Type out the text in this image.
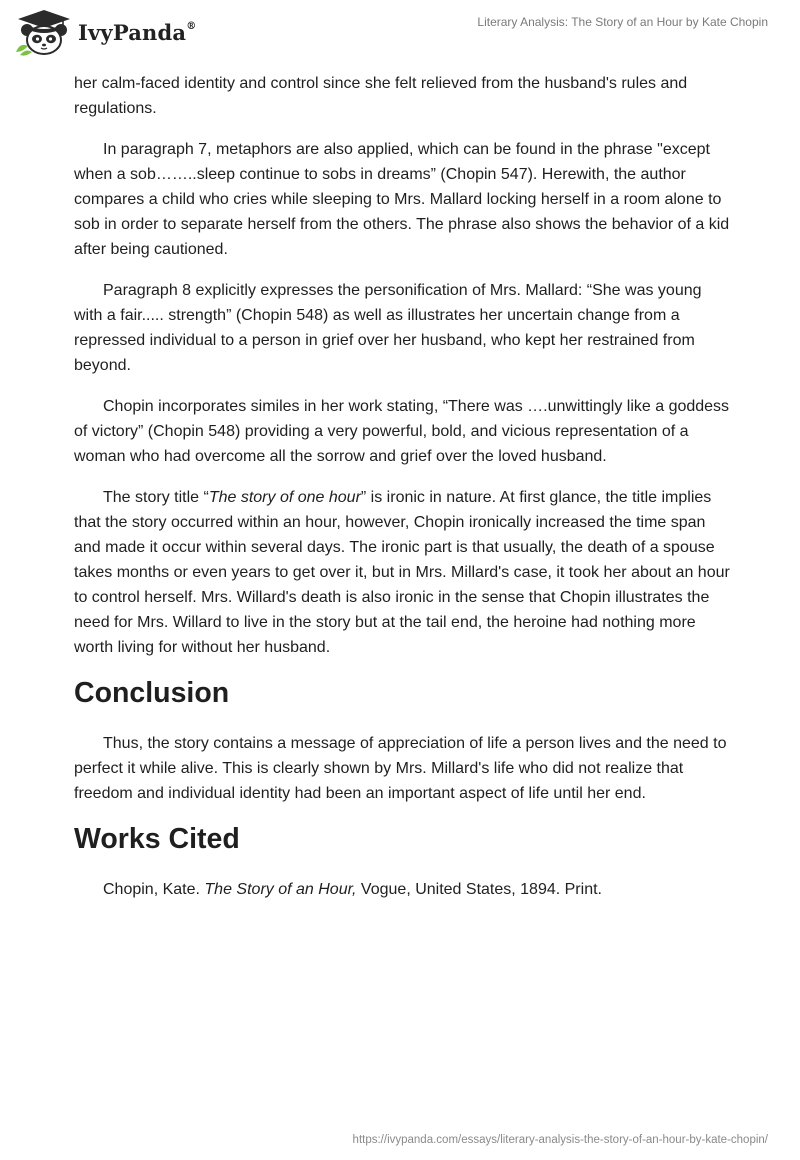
IvyPanda®	Literary Analysis: The Story of an Hour by Kate Chopin

her calm-faced identity and control since she felt relieved from the husband's rules and regulations.

In paragraph 7, metaphors are also applied, which can be found in the phrase "except when a sob……..sleep continue to sobs in dreams” (Chopin 547). Herewith, the author compares a child who cries while sleeping to Mrs. Mallard locking herself in a room alone to sob in order to separate herself from the others. The phrase also shows the behavior of a kid after being cautioned.

Paragraph 8 explicitly expresses the personification of Mrs. Mallard: “She was young with a fair..... strength” (Chopin 548) as well as illustrates her uncertain change from a repressed individual to a person in grief over her husband, who kept her restrained from beyond.

Chopin incorporates similes in her work stating, “There was ….unwittingly like a goddess of victory” (Chopin 548) providing a very powerful, bold, and vicious representation of a woman who had overcome all the sorrow and grief over the loved husband.

The story title “The story of one hour” is ironic in nature. At first glance, the title implies that the story occurred within an hour, however, Chopin ironically increased the time span and made it occur within several days. The ironic part is that usually, the death of a spouse takes months or even years to get over it, but in Mrs. Millard's case, it took her about an hour to control herself. Mrs. Willard's death is also ironic in the sense that Chopin illustrates the need for Mrs. Willard to live in the story but at the tail end, the heroine had nothing more worth living for without her husband.

Conclusion

Thus, the story contains a message of appreciation of life a person lives and the need to perfect it while alive. This is clearly shown by Mrs. Millard's life who did not realize that freedom and individual identity had been an important aspect of life until her end.

Works Cited

Chopin, Kate. The Story of an Hour, Vogue, United States, 1894. Print.

https://ivypanda.com/essays/literary-analysis-the-story-of-an-hour-by-kate-chopin/
